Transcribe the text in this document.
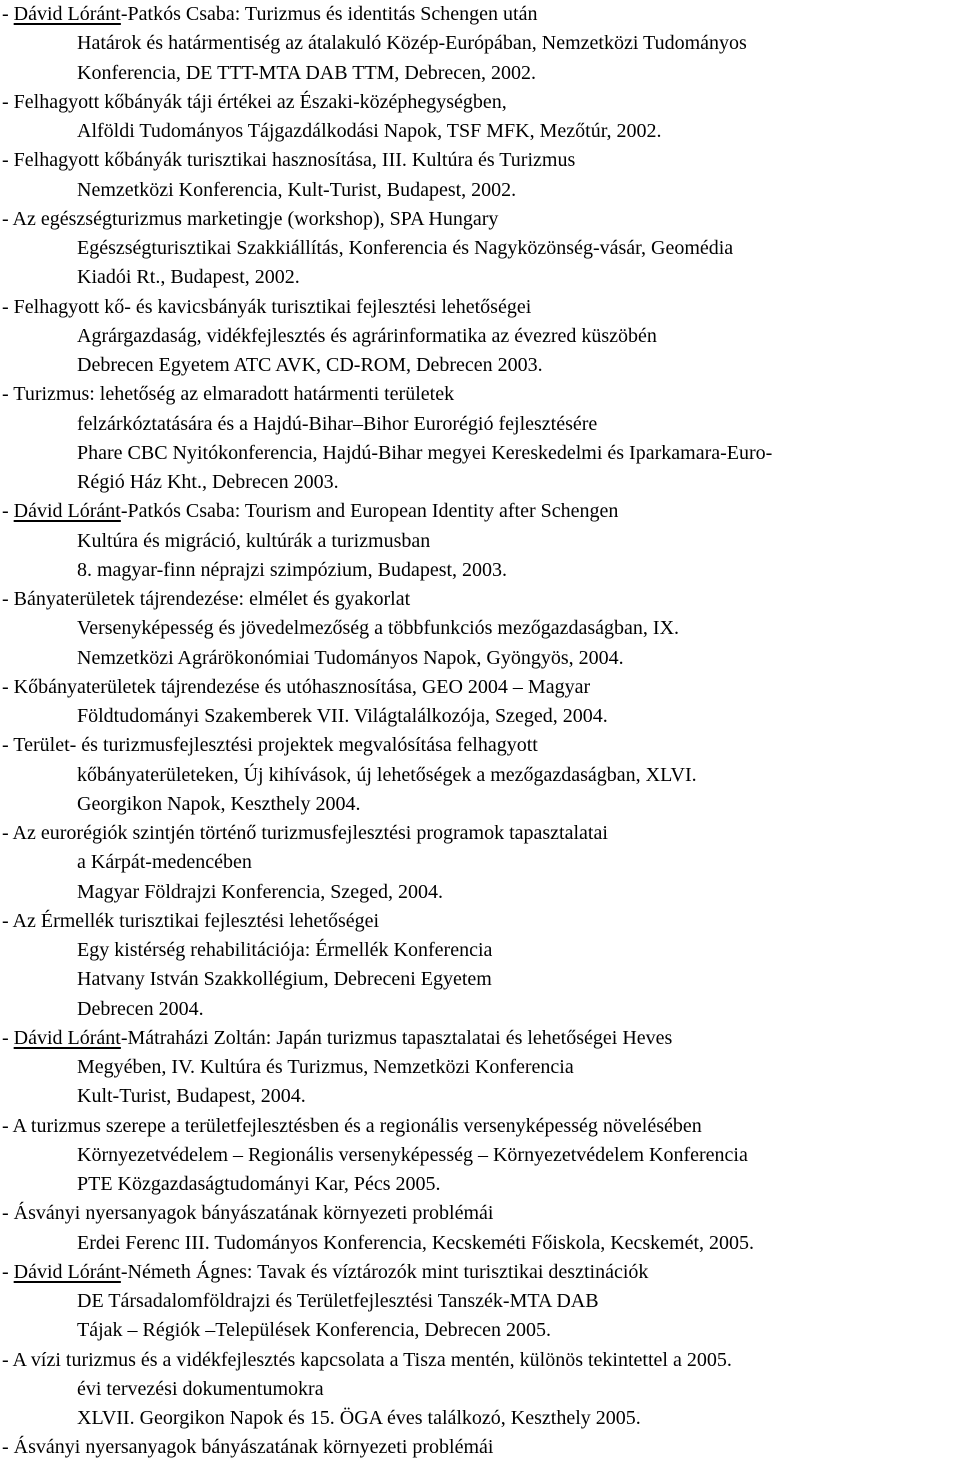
- Dávid Lóránt-Patkós Csaba: Turizmus és identitás Schengen után
Határok és határmentiség az átalakuló Közép-Európában, Nemzetközi Tudományos
Konferencia, DE TTT-MTA DAB TTM, Debrecen, 2002.
- Felhagyott kőbányák táji értékei az Északi-középhegységben,
Alföldi Tudományos Tájgazdálkodási Napok, TSF MFK, Mezőtúr, 2002.
- Felhagyott kőbányák turisztikai hasznosítása, III. Kultúra és Turizmus
Nemzetközi Konferencia, Kult-Turist, Budapest, 2002.
- Az egészségturizmus marketingje (workshop), SPA Hungary
Egészségturisztikai Szakkiállítás, Konferencia és Nagyközönség-vásár, Geomédia
Kiadói Rt., Budapest, 2002.
- Felhagyott kő- és kavicsbányák turisztikai fejlesztési lehetőségei
Agrárgazdaság, vidékfejlesztés és agrárinformatika az évezred küszöbén
Debrecen Egyetem ATC AVK, CD-ROM, Debrecen 2003.
- Turizmus: lehetőség az elmaradott határmenti területek
felzárkóztatására és a Hajdú-Bihar–Bihor Eurorégió fejlesztésére
Phare CBC Nyitókonferencia, Hajdú-Bihar megyei Kereskedelmi és Iparkamara-Euro-
Régió Ház Kht., Debrecen 2003.
- Dávid Lóránt-Patkós Csaba: Tourism and European Identity after Schengen
Kultúra és migráció, kultúrák a turizmusban
8. magyar-finn néprajzi szimpózium, Budapest, 2003.
- Bányaterületek tájrendezése: elmélet és gyakorlat
Versenyképesség és jövedelmezőség a többfunkciós mezőgazdaságban, IX.
Nemzetközi Agrárökonómiai Tudományos Napok, Gyöngyös, 2004.
- Kőbányaterületek tájrendezése és utóhasznosítása, GEO 2004 – Magyar
Földtudományi Szakemberek VII. Világtalálkozója, Szeged, 2004.
- Terület- és turizmusfejlesztési projektek megvalósítása felhagyott
kőbányaterületeken, Új kihívások, új lehetőségek a mezőgazdaságban, XLVI.
Georgikon Napok, Keszthely 2004.
- Az eurorégiók szintjén történő turizmusfejlesztési programok tapasztalatai
a Kárpát-medencében
Magyar Földrajzi Konferencia, Szeged, 2004.
- Az Érmellék turisztikai fejlesztési lehetőségei
Egy kistérség rehabilitációja: Érmellék Konferencia
Hatvany István Szakkollégium, Debreceni Egyetem
Debrecen 2004.
- Dávid Lóránt-Mátraházi Zoltán: Japán turizmus tapasztalatai és lehetőségei Heves
Megyében, IV. Kultúra és Turizmus, Nemzetközi Konferencia
Kult-Turist, Budapest, 2004.
- A turizmus szerepe a területfejlesztésben és a regionális versenyképesség növelésében
Környezetvédelem – Regionális versenyképesség – Környezetvédelem Konferencia
PTE Közgazdaságtudományi Kar, Pécs 2005.
- Ásványi nyersanyagok bányászatának környezeti problémái
Erdei Ferenc III. Tudományos Konferencia, Kecskeméti Főiskola, Kecskemét, 2005.
- Dávid Lóránt-Németh Ágnes: Tavak és víztározók mint turisztikai desztinációk
DE Társadalomföldrajzi és Területfejlesztési Tanszék-MTA DAB
Tájak – Régiók –Települések Konferencia, Debrecen 2005.
- A vízi turizmus és a vidékfejlesztés kapcsolata a Tisza mentén, különös tekintettel a 2005.
évi tervezési dokumentumokra
XLVII. Georgikon Napok és 15. ÖGA éves találkozó, Keszthely 2005.
- Ásványi nyersanyagok bányászatának környezeti problémái
